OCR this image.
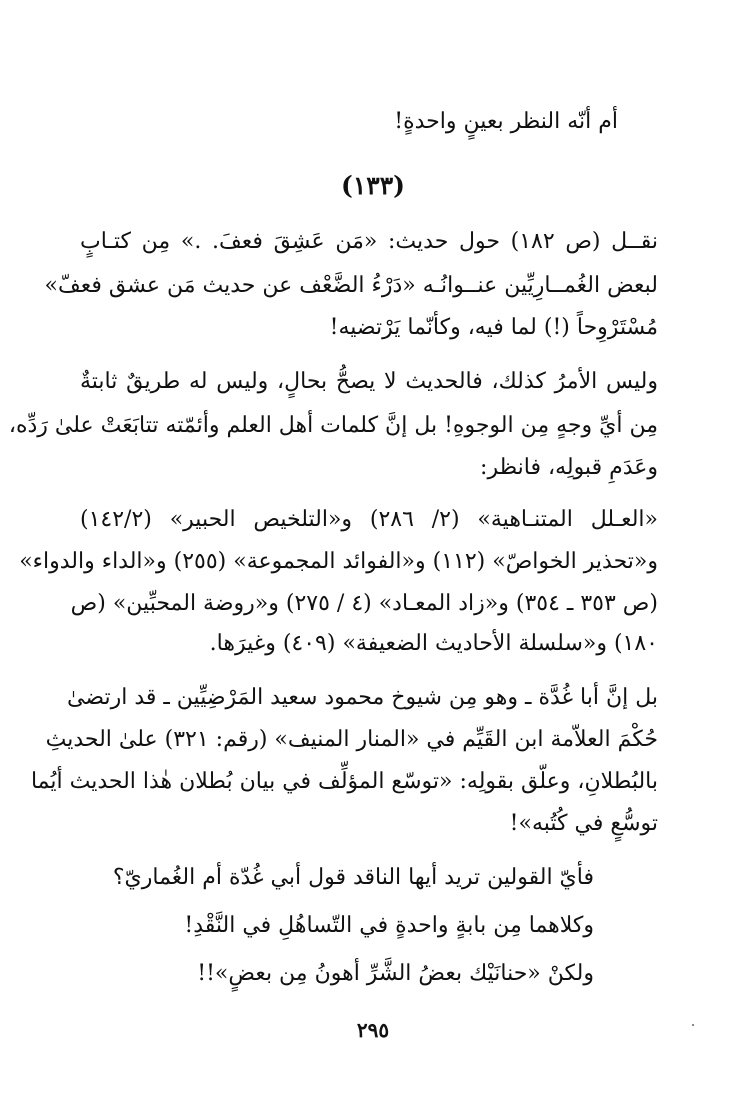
أم أنّه النظر بعينٍ واحدةٍ!
(١٣٣)
نقــل (ص ١٨٢) حول حديث: «مَن عَشِقَ فعفَ. .» مِن كتـابٍ
لبعض الغُمــارِيِّين عنــوانُـه «دَرْءُ الضَّعْف عن حديث مَن عشق فعفّ»
مُسْتَرْوِحاً (!) لما فيه، وكأنّما يَرْتضيه!
وليس الأمرُ كذلك، فالحديث لا يصحُّ بحالٍ، وليس له طريقٌ ثابتةٌ
مِن أيِّ وجهٍ مِن الوجوهِ! بل إنَّ كلمات أهل العلم وأئمّته تتابَعَتْ علىٰ رَدِّه،
وعَدَمِ قبولِه، فانظر:
«العـلل المتنـاهية» (٢/ ٢٨٦) و«التلخيص الحبير» (١٤٢/٢)
و«تحذير الخواصّ» (١١٢) و«الفوائد المجموعة» (٢٥٥) و«الداء والدواء»
(ص ٣٥٣ ـ ٣٥٤) و«زاد المعـاد» (٤ / ٢٧٥) و«روضة المحبِّين» (ص
١٨٠) و«سلسلة الأحاديث الضعيفة» (٤٠٩) وغيرَها.
بل إنَّ أبا غُدَّة ـ وهو مِن شيوخ محمود سعيد المَرْضِيِّين ـ قد ارتضىٰ
حُكْمَ العلاّمة ابن القَيِّم في «المنار المنيف» (رقم: ٣٢١) علىٰ الحديثِ
بالبُطلانِ، وعلّق بقولِه: «توسّع المؤلِّف في بيان بُطلان هٰذا الحديث أيُما
توسُّعٍ في كُتُبه»!
فأيّ القولين تريد أيها الناقد قول أبي غُدّة أم الغُماريّ؟
وكلاهما مِن بابةٍ واحدةٍ في التّساهُلِ في النَّقْدِ!
ولكنْ «حنانَيْك بعضُ الشَّرِّ أهونُ مِن بعضٍ»!!
٢٩٥
